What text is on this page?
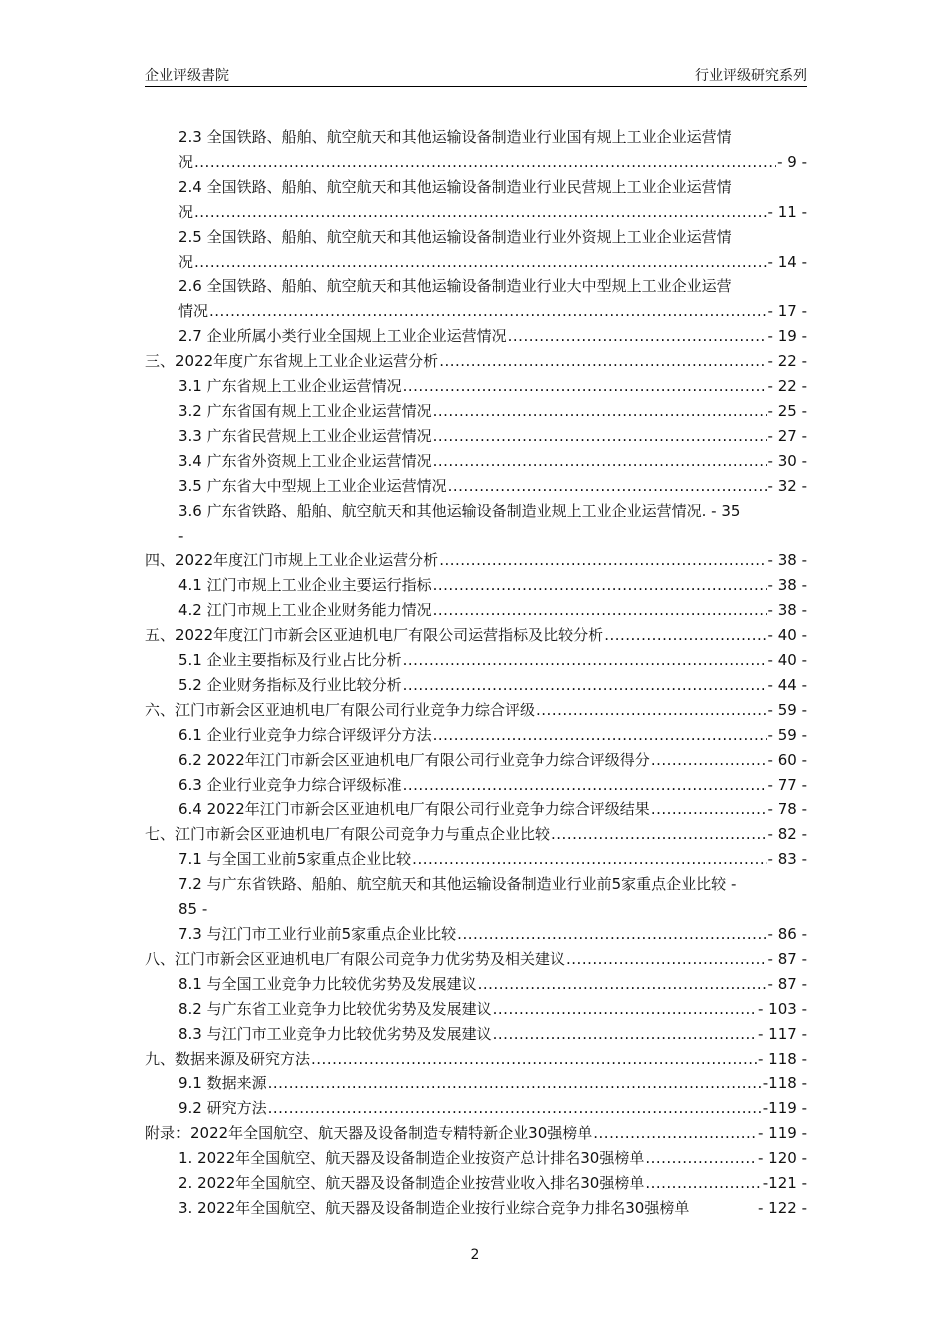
企业评级書院	行业评级研究系列
2.3 全国铁路、船舶、航空航天和其他运输设备制造业行业国有规上工业企业运营情
况 .....	- 9 -
2.4 全国铁路、船舶、航空航天和其他运输设备制造业行业民营规上工业企业运营情
况 .....	- 11 -
2.5 全国铁路、船舶、航空航天和其他运输设备制造业行业外资规上工业企业运营情
况 .....	- 14 -
2.6 全国铁路、船舶、航空航天和其他运输设备制造业行业大中型规上工业企业运营
情况 .....	- 17 -
2.7 企业所属小类行业全国规上工业企业运营情况 .....	- 19 -
三、2022年度广东省规上工业企业运营分析 .....	- 22 -
3.1 广东省规上工业企业运营情况 .....	- 22 -
3.2 广东省国有规上工业企业运营情况 .....	- 25 -
3.3 广东省民营规上工业企业运营情况 .....	- 27 -
3.4 广东省外资规上工业企业运营情况 .....	- 30 -
3.5 广东省大中型规上工业企业运营情况 .....	- 32 -
3.6 广东省铁路、船舶、航空航天和其他运输设备制造业规上工业企业运营情况. - 35
-
四、2022年度江门市规上工业企业运营分析 .....	- 38 -
4.1 江门市规上工业企业主要运行指标 .....	- 38 -
4.2 江门市规上工业企业财务能力情况 .....	- 38 -
五、2022年度江门市新会区亚迪机电厂有限公司运营指标及比较分析 .....	- 40 -
5.1 企业主要指标及行业占比分析 .....	- 40 -
5.2 企业财务指标及行业比较分析 .....	- 44 -
六、江门市新会区亚迪机电厂有限公司行业竞争力综合评级 .....	- 59 -
6.1 企业行业竞争力综合评级评分方法 .....	- 59 -
6.2 2022年江门市新会区亚迪机电厂有限公司行业竞争力综合评级得分 .....	- 60 -
6.3 企业行业竞争力综合评级标准 .....	- 77 -
6.4 2022年江门市新会区亚迪机电厂有限公司行业竞争力综合评级结果 .....	- 78 -
七、江门市新会区亚迪机电厂有限公司竞争力与重点企业比较 .....	- 82 -
7.1 与全国工业前5家重点企业比较 .....	- 83 -
7.2 与广东省铁路、船舶、航空航天和其他运输设备制造业行业前5家重点企业比较 -
85 -
7.3 与江门市工业行业前5家重点企业比较 .....	- 86 -
八、江门市新会区亚迪机电厂有限公司竞争力优劣势及相关建议 .....	- 87 -
8.1 与全国工业竞争力比较优劣势及发展建议 .....	- 87 -
8.2 与广东省工业竞争力比较优劣势及发展建议 .....	- 103 -
8.3 与江门市工业竞争力比较优劣势及发展建议 .....	- 117 -
九、数据来源及研究方法 .....	- 118 -
9.1 数据来源 .....	-118 -
9.2 研究方法 .....	-119 -
附录：2022年全国航空、航天器及设备制造专精特新企业30强榜单 .....	- 119 -
1. 2022年全国航空、航天器及设备制造企业按资产总计排名30强榜单 .....	- 120 -
2. 2022年全国航空、航天器及设备制造企业按营业收入排名30强榜单 .....	-121 -
3. 2022年全国航空、航天器及设备制造企业按行业综合竞争力排名30强榜单	- 122 -
2
